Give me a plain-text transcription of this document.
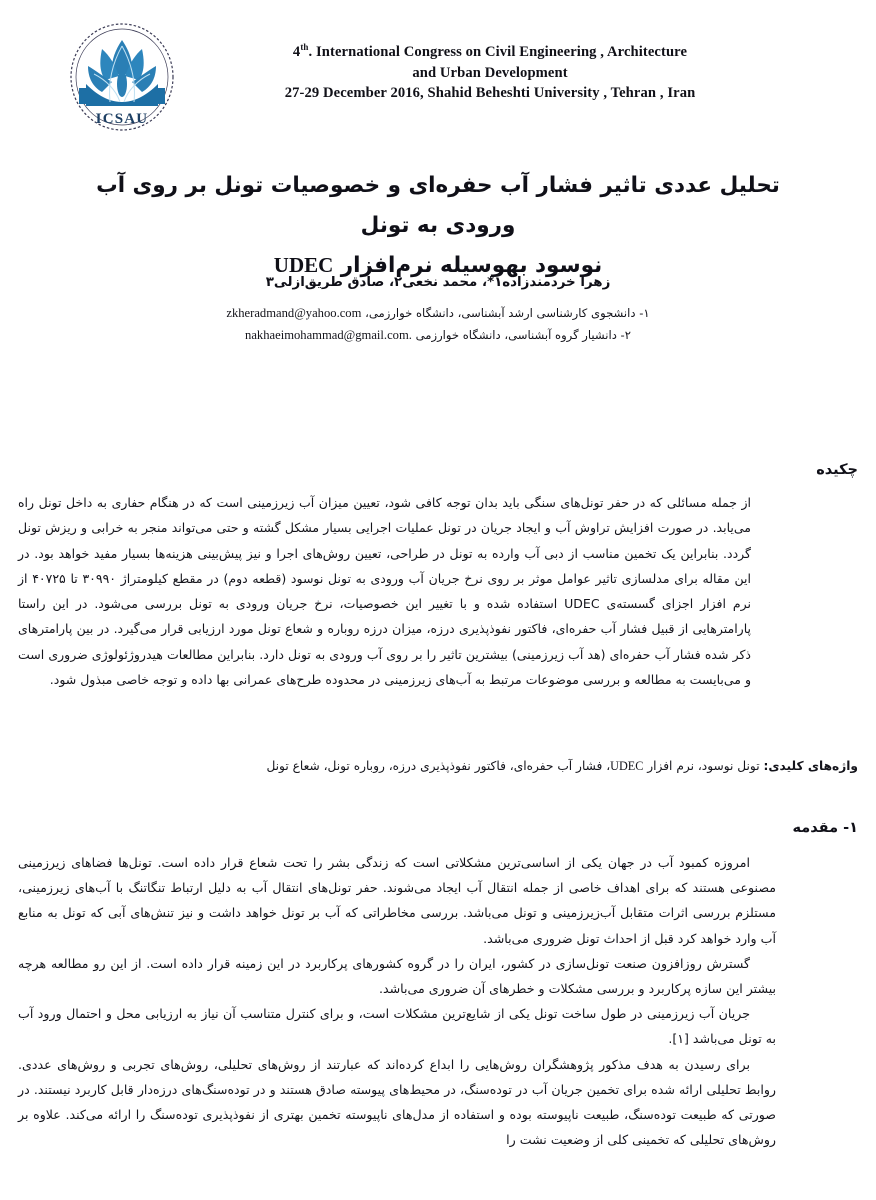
ICSAU
4th. International Congress on Civil Engineering , Architecture
and Urban Development
27-29 December 2016, Shahid Beheshti University , Tehran , Iran
تحلیل عددی تاثیر فشار آب حفره‌ای و خصوصیات تونل بر روی آب ورودی به تونل
نوسود بهوسیله نرم‌افزار UDEC
زهرا خردمندزاده۱*، محمد نخعی۲، صادق طریق‌ازلی۳
۱- دانشجوی کارشناسی ارشد آبشناسی، دانشگاه خوارزمی، zkheradmand@yahoo.com
۲- دانشیار گروه آبشناسی، دانشگاه خوارزمی nakhaeimohammad@gmail.com.
چکیده

از جمله مسائلی که در حفر تونل‌های سنگی باید بدان توجه کافی شود، تعیین میزان آب زیرزمینی است که در هنگام حفاری به داخل تونل راه می‌یابد. در صورت افزایش تراوش آب و ایجاد جریان در تونل عملیات اجرایی بسیار مشکل گشته و حتی می‌تواند منجر به خرابی و ریزش تونل گردد. بنابراین یک تخمین مناسب از دبی آب وارده به تونل در طراحی، تعیین روش‌های اجرا و نیز پیش‌بینی هزینه‌ها بسیار مفید خواهد بود. در این مقاله برای مدلسازی تاثیر عوامل موثر بر روی نرخ جریان آب ورودی به تونل نوسود (قطعه دوم) در مقطع کیلومتراژ ۳۰۹۹۰ تا ۴۰۷۲۵ از نرم افزار اجزای گسسته‌ی UDEC استفاده شده و با تغییر این خصوصیات، نرخ جریان ورودی به تونل بررسی می‌شود. در این راستا پارامترهایی از قبیل فشار آب حفره‌ای، فاکتور نفوذپذیری درزه، میزان درزه روباره و شعاع تونل مورد ارزیابی قرار می‌گیرد. در بین پارامترهای ذکر شده فشار آب حفره‌ای (هد آب زیرزمینی) بیشترین تاثیر را بر روی آب ورودی به تونل دارد. بنابراین مطالعات هیدروژئولوژی ضروری است و می‌بایست به مطالعه و بررسی موضوعات مرتبط به آب‌های زیرزمینی در محدوده طرح‌های عمرانی بها داده و توجه خاصی مبذول شود.

واژه‌های کلیدی: تونل نوسود، نرم افزار UDEC، فشار آب حفره‌ای، فاکتور نفوذپذیری درزه، روباره تونل، شعاع تونل
۱- مقدمه

امروزه کمبود آب در جهان یکی از اساسی‌ترین مشکلاتی است که زندگی بشر را تحت شعاع قرار داده است. تونل‌ها فضاهای زیرزمینی مصنوعی هستند که برای اهداف خاصی از جمله انتقال آب ایجاد می‌شوند. حفر تونل‌های انتقال آب به دلیل ارتباط تنگاتنگ با آب‌های زیرزمینی، مستلزم بررسی اثرات متقابل آب‌زیرزمینی و تونل می‌باشد. بررسی مخاطراتی که آب بر تونل خواهد داشت و نیز تنش‌های آبی که تونل به منابع آب وارد خواهد کرد قبل از احداث تونل ضروری می‌باشد.

گسترش روزافزون صنعت تونل‌سازی در کشور، ایران را در گروه کشورهای پرکاربرد در این زمینه قرار داده است. از این رو مطالعه هرچه بیشتر این سازه پرکاربرد و بررسی مشکلات و خطرهای آن ضروری می‌باشد.

جریان آب زیرزمینی در طول ساخت تونل یکی از شایع‌ترین مشکلات است، و برای کنترل متناسب آن نیاز به ارزیابی محل و احتمال ورود آب به تونل می‌باشد [۱].

برای رسیدن به هدف مذکور پژوهشگران روش‌هایی را ابداع کرده‌اند که عبارتند از روش‌های تحلیلی، روش‌های تجربی و روش‌های عددی. روابط تحلیلی ارائه شده برای تخمین جریان آب در توده‌سنگ، در محیط‌های پیوسته صادق هستند و در توده‌سنگ‌های درزه‌دار قابل کاربرد نیستند. در صورتی که طبیعت توده‌سنگ، طبیعت ناپیوسته بوده و استفاده از مدل‌های ناپیوسته تخمین بهتری از نفوذپذیری توده‌سنگ را ارائه می‌کند. علاوه بر روش‌های تحلیلی که تخمینی کلی از وضعیت نشت را
